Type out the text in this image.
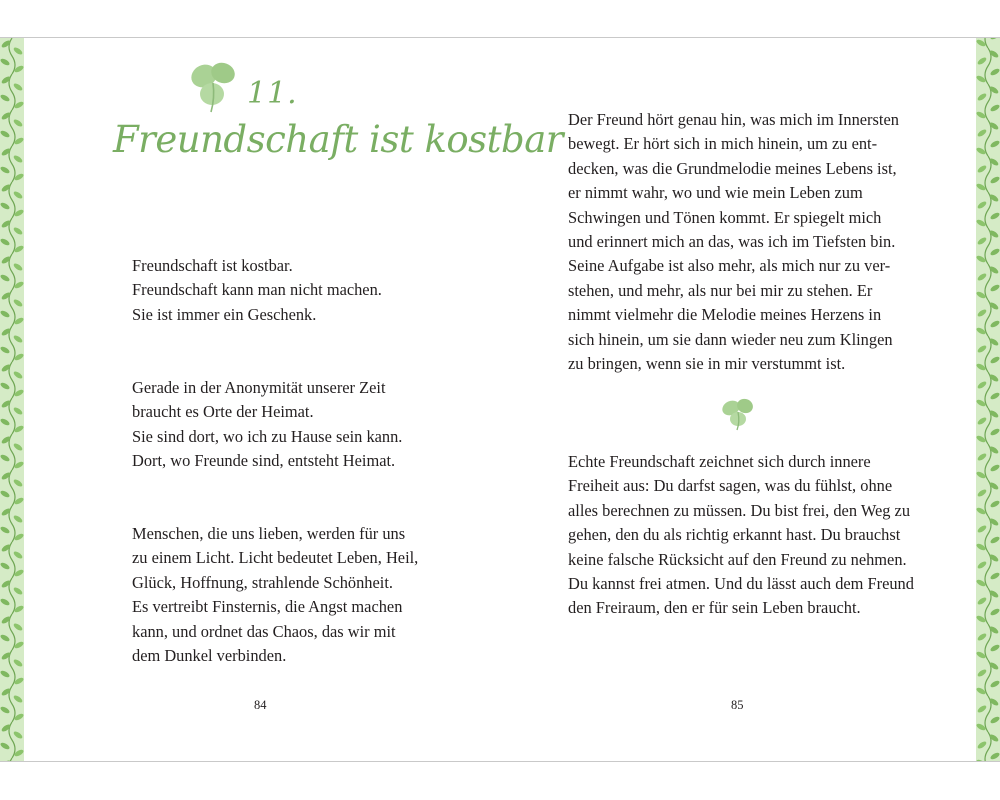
11.
Freundschaft ist kostbar
Freundschaft ist kostbar.
Freundschaft kann man nicht machen.
Sie ist immer ein Geschenk.
Gerade in der Anonymität unserer Zeit
braucht es Orte der Heimat.
Sie sind dort, wo ich zu Hause sein kann.
Dort, wo Freunde sind, entsteht Heimat.
Menschen, die uns lieben, werden für uns
zu einem Licht. Licht bedeutet Leben, Heil,
Glück, Hoffnung, strahlende Schönheit.
Es vertreibt Finsternis, die Angst machen
kann, und ordnet das Chaos, das wir mit
dem Dunkel verbinden.
84
Der Freund hört genau hin, was mich im Innersten
bewegt. Er hört sich in mich hinein, um zu ent-
decken, was die Grundmelodie meines Lebens ist,
er nimmt wahr, wo und wie mein Leben zum
Schwingen und Tönen kommt. Er spiegelt mich
und erinnert mich an das, was ich im Tiefsten bin.
Seine Aufgabe ist also mehr, als mich nur zu ver-
stehen, und mehr, als nur bei mir zu stehen. Er
nimmt vielmehr die Melodie meines Herzens in
sich hinein, um sie dann wieder neu zum Klingen
zu bringen, wenn sie in mir verstummt ist.
Echte Freundschaft zeichnet sich durch innere
Freiheit aus: Du darfst sagen, was du fühlst, ohne
alles berechnen zu müssen. Du bist frei, den Weg zu
gehen, den du als richtig erkannt hast. Du brauchst
keine falsche Rücksicht auf den Freund zu nehmen.
Du kannst frei atmen. Und du lässt auch dem Freund
den Freiraum, den er für sein Leben braucht.
85
